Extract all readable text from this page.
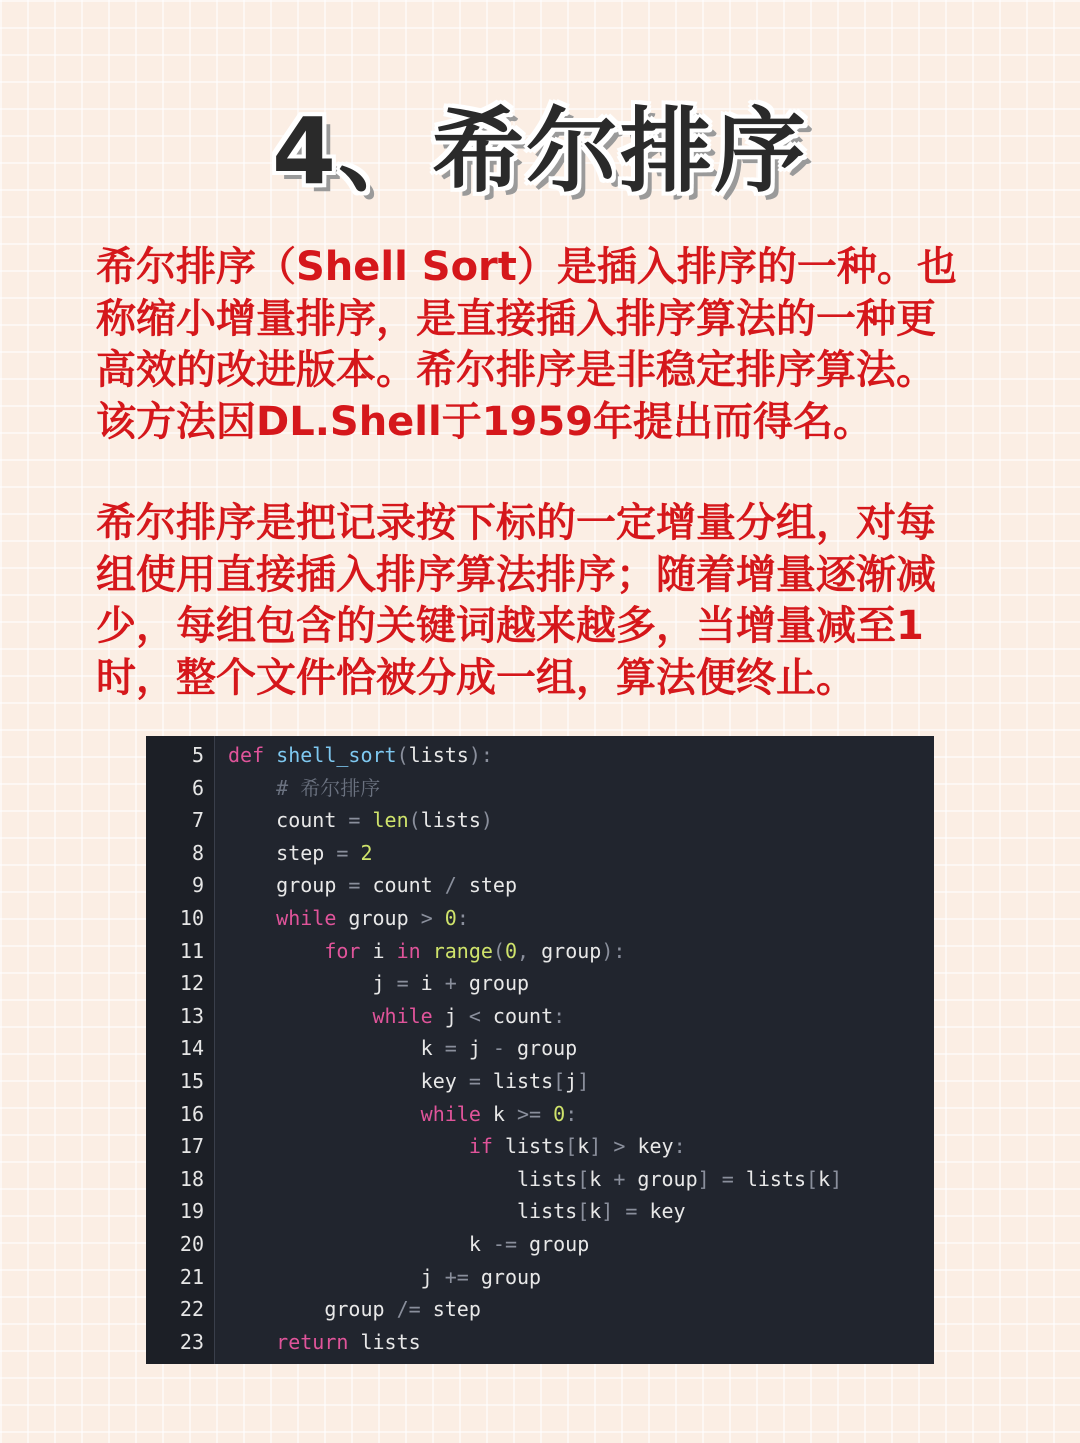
4、希尔排序
希尔排序（Shell Sort）是插入排序的一种。也
称缩小增量排序，是直接插入排序算法的一种更
高效的改进版本。希尔排序是非稳定排序算法。
该方法因DL.Shell于1959年提出而得名。
希尔排序是把记录按下标的一定增量分组，对每
组使用直接插入排序算法排序；随着增量逐渐减
少，每组包含的关键词越来越多，当增量减至1
时，整个文件恰被分成一组，算法便终止。
5 def shell_sort(lists):
6	# 希尔排序
7 count = len(lists)
8 step = 2
9 group = count / step
10	while group > 0:
11	for i in range(0, group):
12 j = i + group
13	while j < count:
14 k = j - group
15 key = lists[j]
16	while k >= 0:
17	if lists[k] > key:
18 lists[k + group] = lists[k]
19 lists[k] = key
20 k -= group
21 j += group
22 group /= step
23	return lists
